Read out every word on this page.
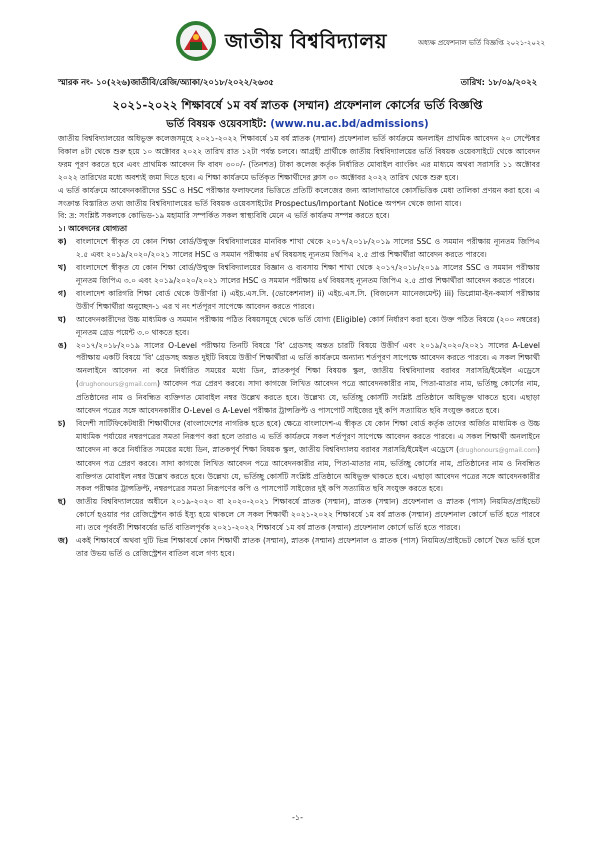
অধ্যক্ষ প্রফেশনাল ভর্তি বিজ্ঞপ্তি ২০২১-২০২২
জাতীয় বিশ্ববিদ্যালয়
স্মারক নং- ১০(২২৬)জাতীবি/রেজি/অ্যাকা/২০১৮/২০২২/২৬৩৫	তারিখ: ১৮/০৯/২০২২
২০২১-২০২২ শিক্ষাবর্ষে ১ম বর্ষ স্নাতক (সম্মান) প্রফেশনাল কোর্সের ভর্তি বিজ্ঞপ্তি
ভর্তি বিষয়ক ওয়েবসাইট: (www.nu.ac.bd/admissions)

জাতীয় বিশ্ববিদ্যালয়ের অধিভুক্ত কলেজসমূহে ২০২১-২০২২ শিক্ষাবর্ষে ১ম বর্ষ স্নাতক (সম্মান) প্রফেশনাল ভর্তি কার্যক্রমে অনলাইন প্রাথমিক আবেদন ২০ সেপ্টেম্বর বিকাল ৪টা থেকে শুরু হয়ে ১০ অক্টোবর ২০২২ তারিখ রাত ১২টা পর্যন্ত চলবে। আগ্রহী প্রার্থীকে জাতীয় বিশ্ববিদ্যালয়ের ভর্তি বিষয়ক ওয়েবসাইটে থেকে আবেদন ফরম পূরণ করতে হবে এবং প্রাথমিক আবেদন ফি বাবদ ৩০০/- (তিনশত) টাকা কলেজ কর্তৃক নির্ধারিত মোবাইল ব্যাংকিং এর মাধ্যমে অথবা সরাসরি ১১ অক্টোবর ২০২২ তারিখের মধ্যে অবশ্যই জমা দিতে হবে। এ শিক্ষা কার্যক্রমে ভর্তিকৃত শিক্ষার্থীদের ক্লাস ৩০ অক্টোবর ২০২২ তারিখ থেকে শুরু হবে।

এ ভর্তি কার্যক্রমে আবেদনকারীদের SSC ও HSC পরীক্ষার ফলাফলের ভিত্তিতে প্রতিটি কলেজের জন্য আলাদাভাবে কোর্সভিত্তিক মেধা তালিকা প্রণয়ন করা হবে। এ সংক্রান্ত বিস্তারিত তথ্য জাতীয় বিশ্ববিদ্যালয়ের ভর্তি বিষয়ক ওয়েবসাইটের Prospectus/Important Notice অপশন থেকে জানা যাবে।

বি: দ্র: সংশ্লিষ্ট সকলকে কোভিড-১৯ মহামারি সম্পর্কিত সকল স্বাস্থ্যবিধি মেনে এ ভর্তি কার্যক্রম সম্পন্ন করতে হবে।

১। আবেদনের যোগ্যতা

ক)	বাংলাদেশে স্বীকৃত যে কোন শিক্ষা বোর্ড/উন্মুক্ত বিশ্ববিদ্যালয়ের মানবিক শাখা থেকে ২০১৭/২০১৮/২০১৯ সালের SSC ও সমমান পরীক্ষায় ন্যূনতম জিপিএ ২.৫ এবং ২০১৯/২০২০/২০২১ সালের HSC ও সমমান পরীক্ষায় ৪র্থ বিষয়সহ ন্যূনতম জিপিএ ২.৫ প্রাপ্ত শিক্ষার্থীরা আবেদন করতে পারবে।
খ)	বাংলাদেশে স্বীকৃত যে কোন শিক্ষা বোর্ড/উন্মুক্ত বিশ্ববিদ্যালয়ের বিজ্ঞান ও ব্যবসায় শিক্ষা শাখা থেকে ২০১৭/২০১৮/২০১৯ সালের SSC ও সমমান পরীক্ষায় ন্যূনতম জিপিএ ৩.০ এবং ২০১৯/২০২০/২০২১ সালের HSC ও সমমান পরীক্ষায় ৪র্থ বিষয়সহ ন্যূনতম জিপিএ ২.৫ প্রাপ্ত শিক্ষার্থীরা আবেদন করতে পারবে।
গ)	বাংলাদেশ কারিগরি শিক্ষা বোর্ড থেকে উত্তীর্ণরা i) এইচ.এস.সি. (ভোকেশনাল) ii) এইচ.এস.সি. (বিজনেস ম্যানেজমেন্ট) iii) ডিপ্লোমা-ইন-কমার্স পরীক্ষায় উত্তীর্ণ শিক্ষার্থীরা অনুচ্ছেদ-১ এর খ নং শর্তপূরণ সাপেক্ষে আবেদন করতে পারবে।
ঘ)	আবেদনকারীদের উচ্চ মাধ্যমিক ও সমমান পরীক্ষায় পঠিত বিষয়সমূহে থেকে ভর্তি যোগ্য (Eligible) কোর্স নির্ধারণ করা হবে। উক্ত পঠিত বিষয়ে (২০০ নম্বরের) ন্যূনতম গ্রেড পয়েন্ট ৩.০ থাকতে হবে।
ঙ)	২০১৭/২০১৮/২০১৯ সালের O-Level পরীক্ষায় তিনটি বিষয়ে 'বি' গ্রেডসহ অন্তত চারটি বিষয়ে উত্তীর্ণ এবং ২০১৯/২০২০/২০২১ সালের A-Level পরীক্ষায় একটি বিষয়ে 'বি' গ্রেডসহ অন্তত দুইটি বিষয়ে উত্তীর্ণ শিক্ষার্থীরা এ ভর্তি কার্যক্রমে অন্যান্য শর্তপূরণ সাপেক্ষে আবেদন করতে পারবে। এ সকল শিক্ষার্থী অনলাইনে আবেদন না করে নির্ধারিত সময়ের মধ্যে ডিন, স্নাতকপূর্ব শিক্ষা বিষয়ক স্কুল, জাতীয় বিশ্ববিদ্যালয় বরাবর সরাসরি/ইমেইল এড্রেসে (drughonours@gmail.com) আবেদন পত্র প্রেরণ করবে। সাদা কাগজে লিখিত আবেদন পত্রে আবেদনকারীর নাম, পিতা-মাতার নাম, ভর্তিচ্ছু কোর্সের নাম, প্রতিষ্ঠানের নাম ও নিবন্ধিত ব্যক্তিগত মোবাইল নম্বর উল্লেখ করতে হবে। উল্লেখ্য যে, ভর্তিচ্ছু কোর্সটি সংশ্লিষ্ট প্রতিষ্ঠানে অধিভুক্ত থাকতে হবে। এছাড়া আবেদন পত্রের সঙ্গে আবেদনকারীর O-Level ও A-Level পরীক্ষার ট্রান্সক্রিপ্ট ও পাসপোর্ট সাইজের দুই কপি সত্যায়িত ছবি সংযুক্ত করতে হবে।
চ)	বিদেশী সার্টিফিকেটধারী শিক্ষার্থীদের (বাংলাদেশের নাগরিক হতে হবে) ক্ষেত্রে বাংলাদেশ-এ স্বীকৃত যে কোন শিক্ষা বোর্ড কর্তৃক তাদের অর্জিত মাধ্যমিক ও উচ্চ মাধ্যমিক পর্যায়ের নম্বরপত্রের সমতা নিরূপণ করা হলে তারাও এ ভর্তি কার্যক্রমে সকল শর্তপূরণ সাপেক্ষে আবেদন করতে পারবে। এ সকল শিক্ষার্থী অনলাইনে আবেদন না করে নির্ধারিত সময়ের মধ্যে ডিন, স্নাতকপূর্ব শিক্ষা বিষয়ক স্কুল, জাতীয় বিশ্ববিদ্যালয় বরাবর সরাসরি/ইমেইল এড্রেসে (drughonours@gmail.com) আবেদন পত্র প্রেরণ করবে। সাদা কাগজে লিখিত আবেদন পত্রে আবেদনকারীর নাম, পিতা-মাতার নাম, ভর্তিচ্ছু কোর্সের নাম, প্রতিষ্ঠানের নাম ও নিবন্ধিত ব্যক্তিগত মোবাইল নম্বর উল্লেখ করতে হবে। উল্লেখ্য যে, ভর্তিচ্ছু কোর্সটি সংশ্লিষ্ট প্রতিষ্ঠানে অধিভুক্ত থাকতে হবে। এছাড়া আবেদন পত্রের সঙ্গে আবেদনকারীর সকল পরীক্ষার ট্রান্সক্রিপ্ট, নম্বরপত্রের সমতা নিরূপণের কপি ও পাসপোর্ট সাইজের দুই কপি সত্যায়িত ছবি সংযুক্ত করতে হবে।
ছ)	জাতীয় বিশ্ববিদ্যালয়ের অধীনে ২০১৯-২০২০ বা ২০২০-২০২১ শিক্ষাবর্ষে স্নাতক (সম্মান), স্নাতক (সম্মান) প্রফেশনাল ও স্নাতক (পাস) নিয়মিত/প্রাইভেট কোর্সে হওয়ার পর রেজিস্ট্রেশন কার্ড ইস্যু হয়ে থাকলে সে সকল শিক্ষার্থী ২০২১-২০২২ শিক্ষাবর্ষে ১ম বর্ষ স্নাতক (সম্মান) প্রফেশনাল কোর্সে ভর্তি হতে পারবে না। তবে পূর্ববর্তী শিক্ষাবর্ষের ভর্তি বাতিলপূর্বক ২০২১-২০২২ শিক্ষাবর্ষে ১ম বর্ষ স্নাতক (সম্মান) প্রফেশনাল কোর্সে ভর্তি হতে পারবে।
জ)	একই শিক্ষাবর্ষে অথবা দুটি ভিন্ন শিক্ষাবর্ষে কোন শিক্ষার্থী স্নাতক (সম্মান), স্নাতক (সম্মান) প্রফেশনাল ও স্নাতক (পাস) নিয়মিত/প্রাইভেট কোর্সে দ্বৈত ভর্তি হলে তার উভয় ভর্তি ও রেজিস্ট্রেশন বাতিল বলে গণ্য হবে।
-১-
